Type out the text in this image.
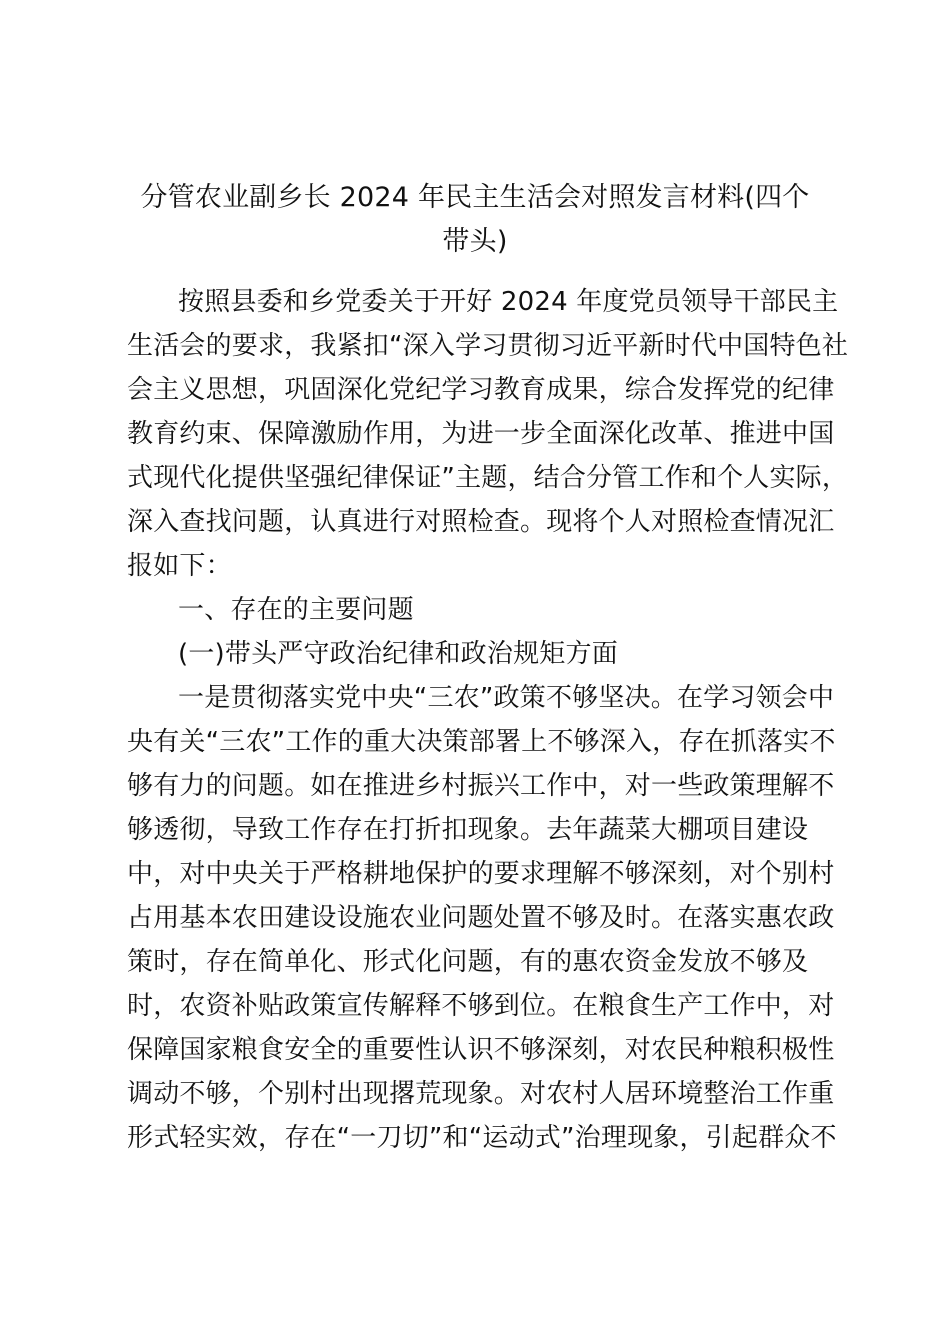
分管农业副乡长 2024 年民主生活会对照发言材料(四个
带头)
按照县委和乡党委关于开好 2024 年度党员领导干部民主
生活会的要求，我紧扣“深入学习贯彻习近平新时代中国特色社
会主义思想，巩固深化党纪学习教育成果，综合发挥党的纪律
教育约束、保障激励作用，为进一步全面深化改革、推进中国
式现代化提供坚强纪律保证”主题，结合分管工作和个人实际，
深入查找问题，认真进行对照检查。现将个人对照检查情况汇
报如下：
一、存在的主要问题
(一)带头严守政治纪律和政治规矩方面
一是贯彻落实党中央“三农”政策不够坚决。在学习领会中
央有关“三农”工作的重大决策部署上不够深入，存在抓落实不
够有力的问题。如在推进乡村振兴工作中，对一些政策理解不
够透彻，导致工作存在打折扣现象。去年蔬菜大棚项目建设
中，对中央关于严格耕地保护的要求理解不够深刻，对个别村
占用基本农田建设设施农业问题处置不够及时。在落实惠农政
策时，存在简单化、形式化问题，有的惠农资金发放不够及
时，农资补贴政策宣传解释不够到位。在粮食生产工作中，对
保障国家粮食安全的重要性认识不够深刻，对农民种粮积极性
调动不够，个别村出现撂荒现象。对农村人居环境整治工作重
形式轻实效，存在“一刀切”和“运动式”治理现象，引起群众不
